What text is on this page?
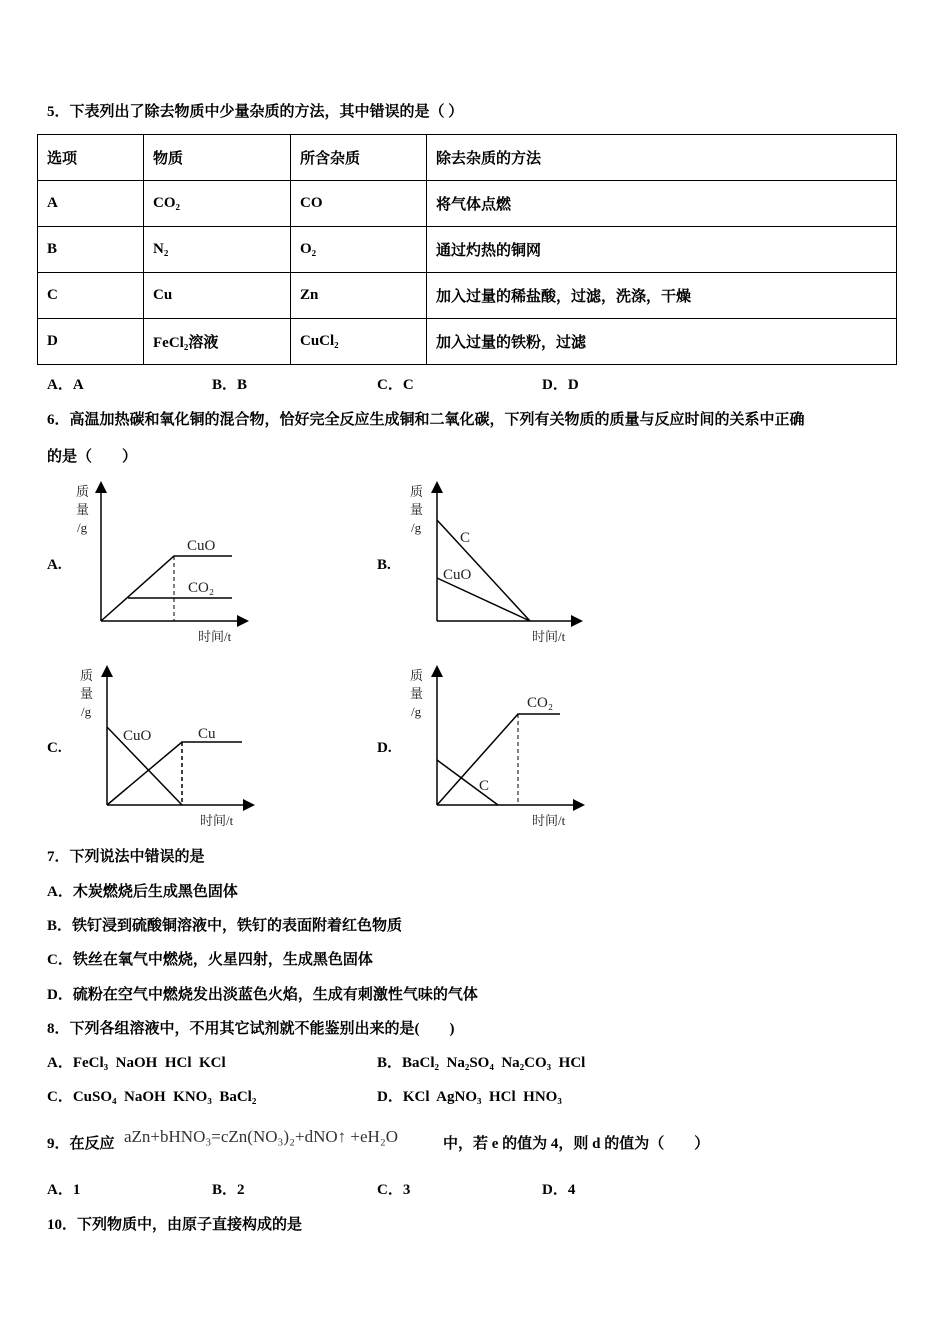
5．下表列出了除去物质中少量杂质的方法，其中错误的是（ ）
选项	物质	所含杂质	除去杂质的方法
A	CO₂	CO	将气体点燃
B	N₂	O₂	通过灼热的铜网
C	Cu	Zn	加入过量的稀盐酸，过滤，洗涤，干燥
D	FeCl₂溶液	CuCl₂	加入过量的铁粉，过滤
A．A	B．B	C．C	D．D
6．高温加热碳和氧化铜的混合物，恰好完全反应生成铜和二氧化碳，下列有关物质的质量与反应时间的关系中正确
的是（　　）
A.	B.
C.	D.
质
量
/g
时间/t
CuO
CO₂
质
量
/g
时间/t
C
CuO
质
量
/g
时间/t
CuO	Cu
质
量
/g
时间/t
CO₂
C
7．下列说法中错误的是
A．木炭燃烧后生成黑色固体
B．铁钉浸到硫酸铜溶液中，铁钉的表面附着红色物质
C．铁丝在氧气中燃烧，火星四射，生成黑色固体
D．硫粉在空气中燃烧发出淡蓝色火焰，生成有刺激性气味的气体
8．下列各组溶液中，不用其它试剂就不能鉴别出来的是(　　)
A．FeCl₃  NaOH  HCl  KCl	B．BaCl₂  Na₂SO₄  Na₂CO₃  HCl
C．CuSO₄  NaOH  KNO₃  BaCl₂	D．KCl  AgNO₃  HCl  HNO₃
9．在反应 aZn+bHNO₃=cZn(NO₃)₂+dNO↑ +eH₂O	中，若 e 的值为 4，则 d 的值为（　　）
A．1	B．2	C．3	D．4
10．下列物质中，由原子直接构成的是
